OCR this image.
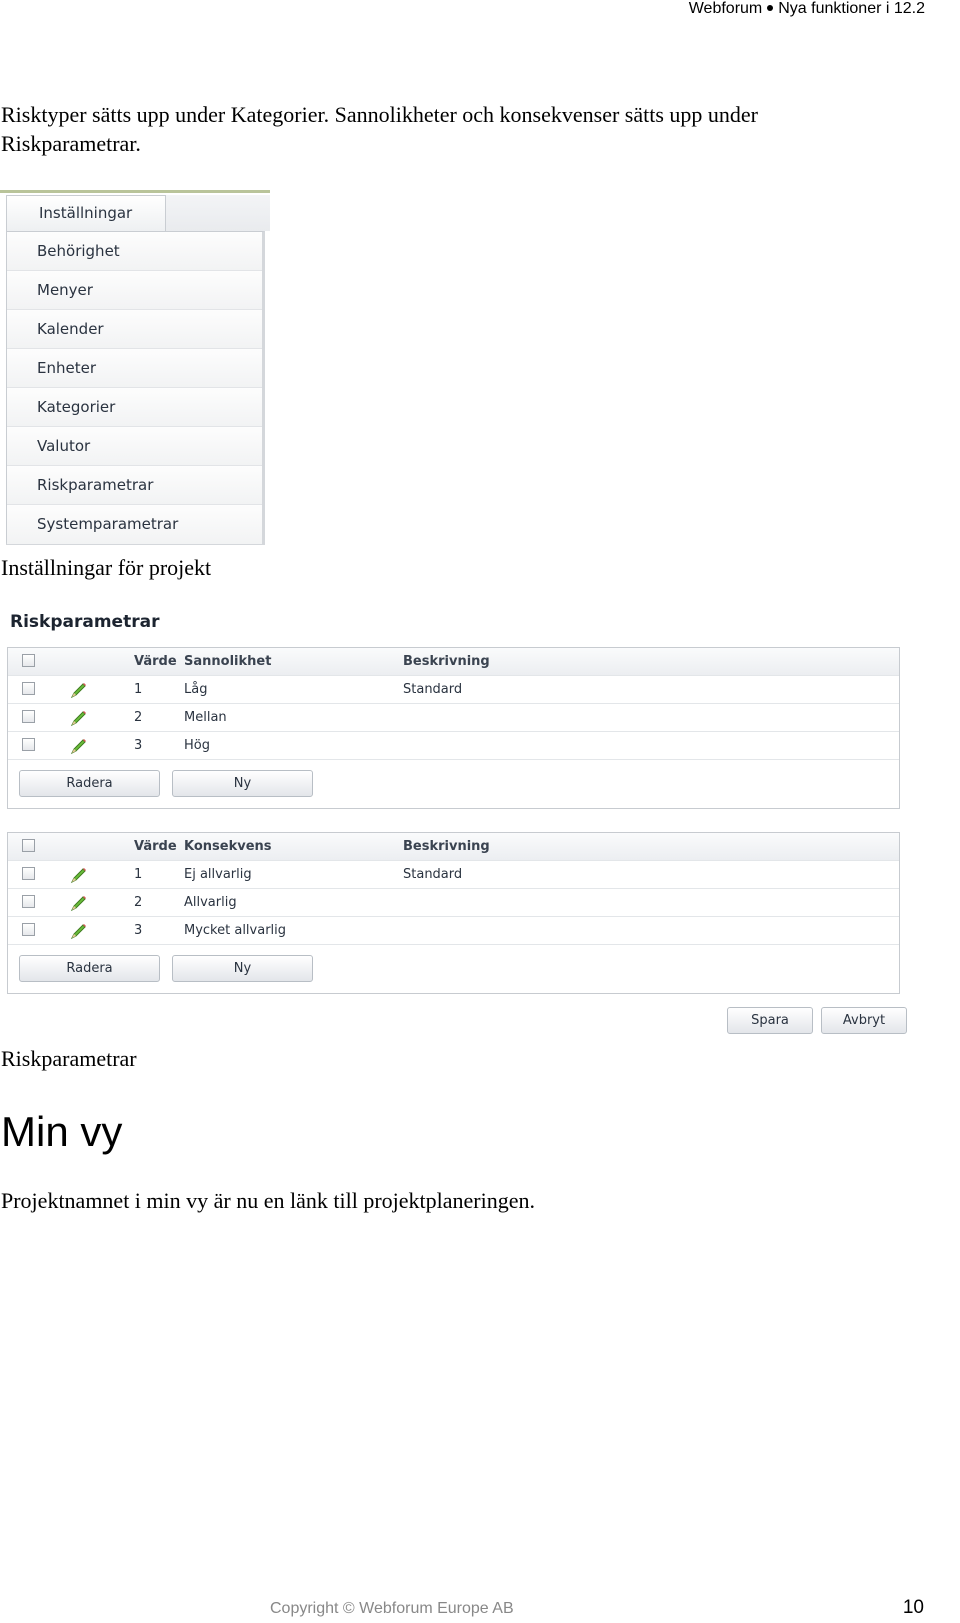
Webforum Nya funktioner i 12.2
Risktyper sätts upp under Kategorier. Sannolikheter och konsekvenser sätts upp under Riskparametrar.
Inställningar
Behörighet
Menyer
Kalender
Enheter
Kategorier
Valutor
Riskparametrar
Systemparametrar
Inställningar för projekt
Riskparametrar
Värde Sannolikhet	Beskrivning
1	Låg	Standard
2	Mellan
3	Hög
Radera	Ny
Värde Konsekvens	Beskrivning
1	Ej allvarlig	Standard
2	Allvarlig
3	Mycket allvarlig
Radera	Ny
Spara	Avbryt
Riskparametrar
Min vy
Projektnamnet i min vy är nu en länk till projektplaneringen.
Copyright © Webforum Europe AB	10
